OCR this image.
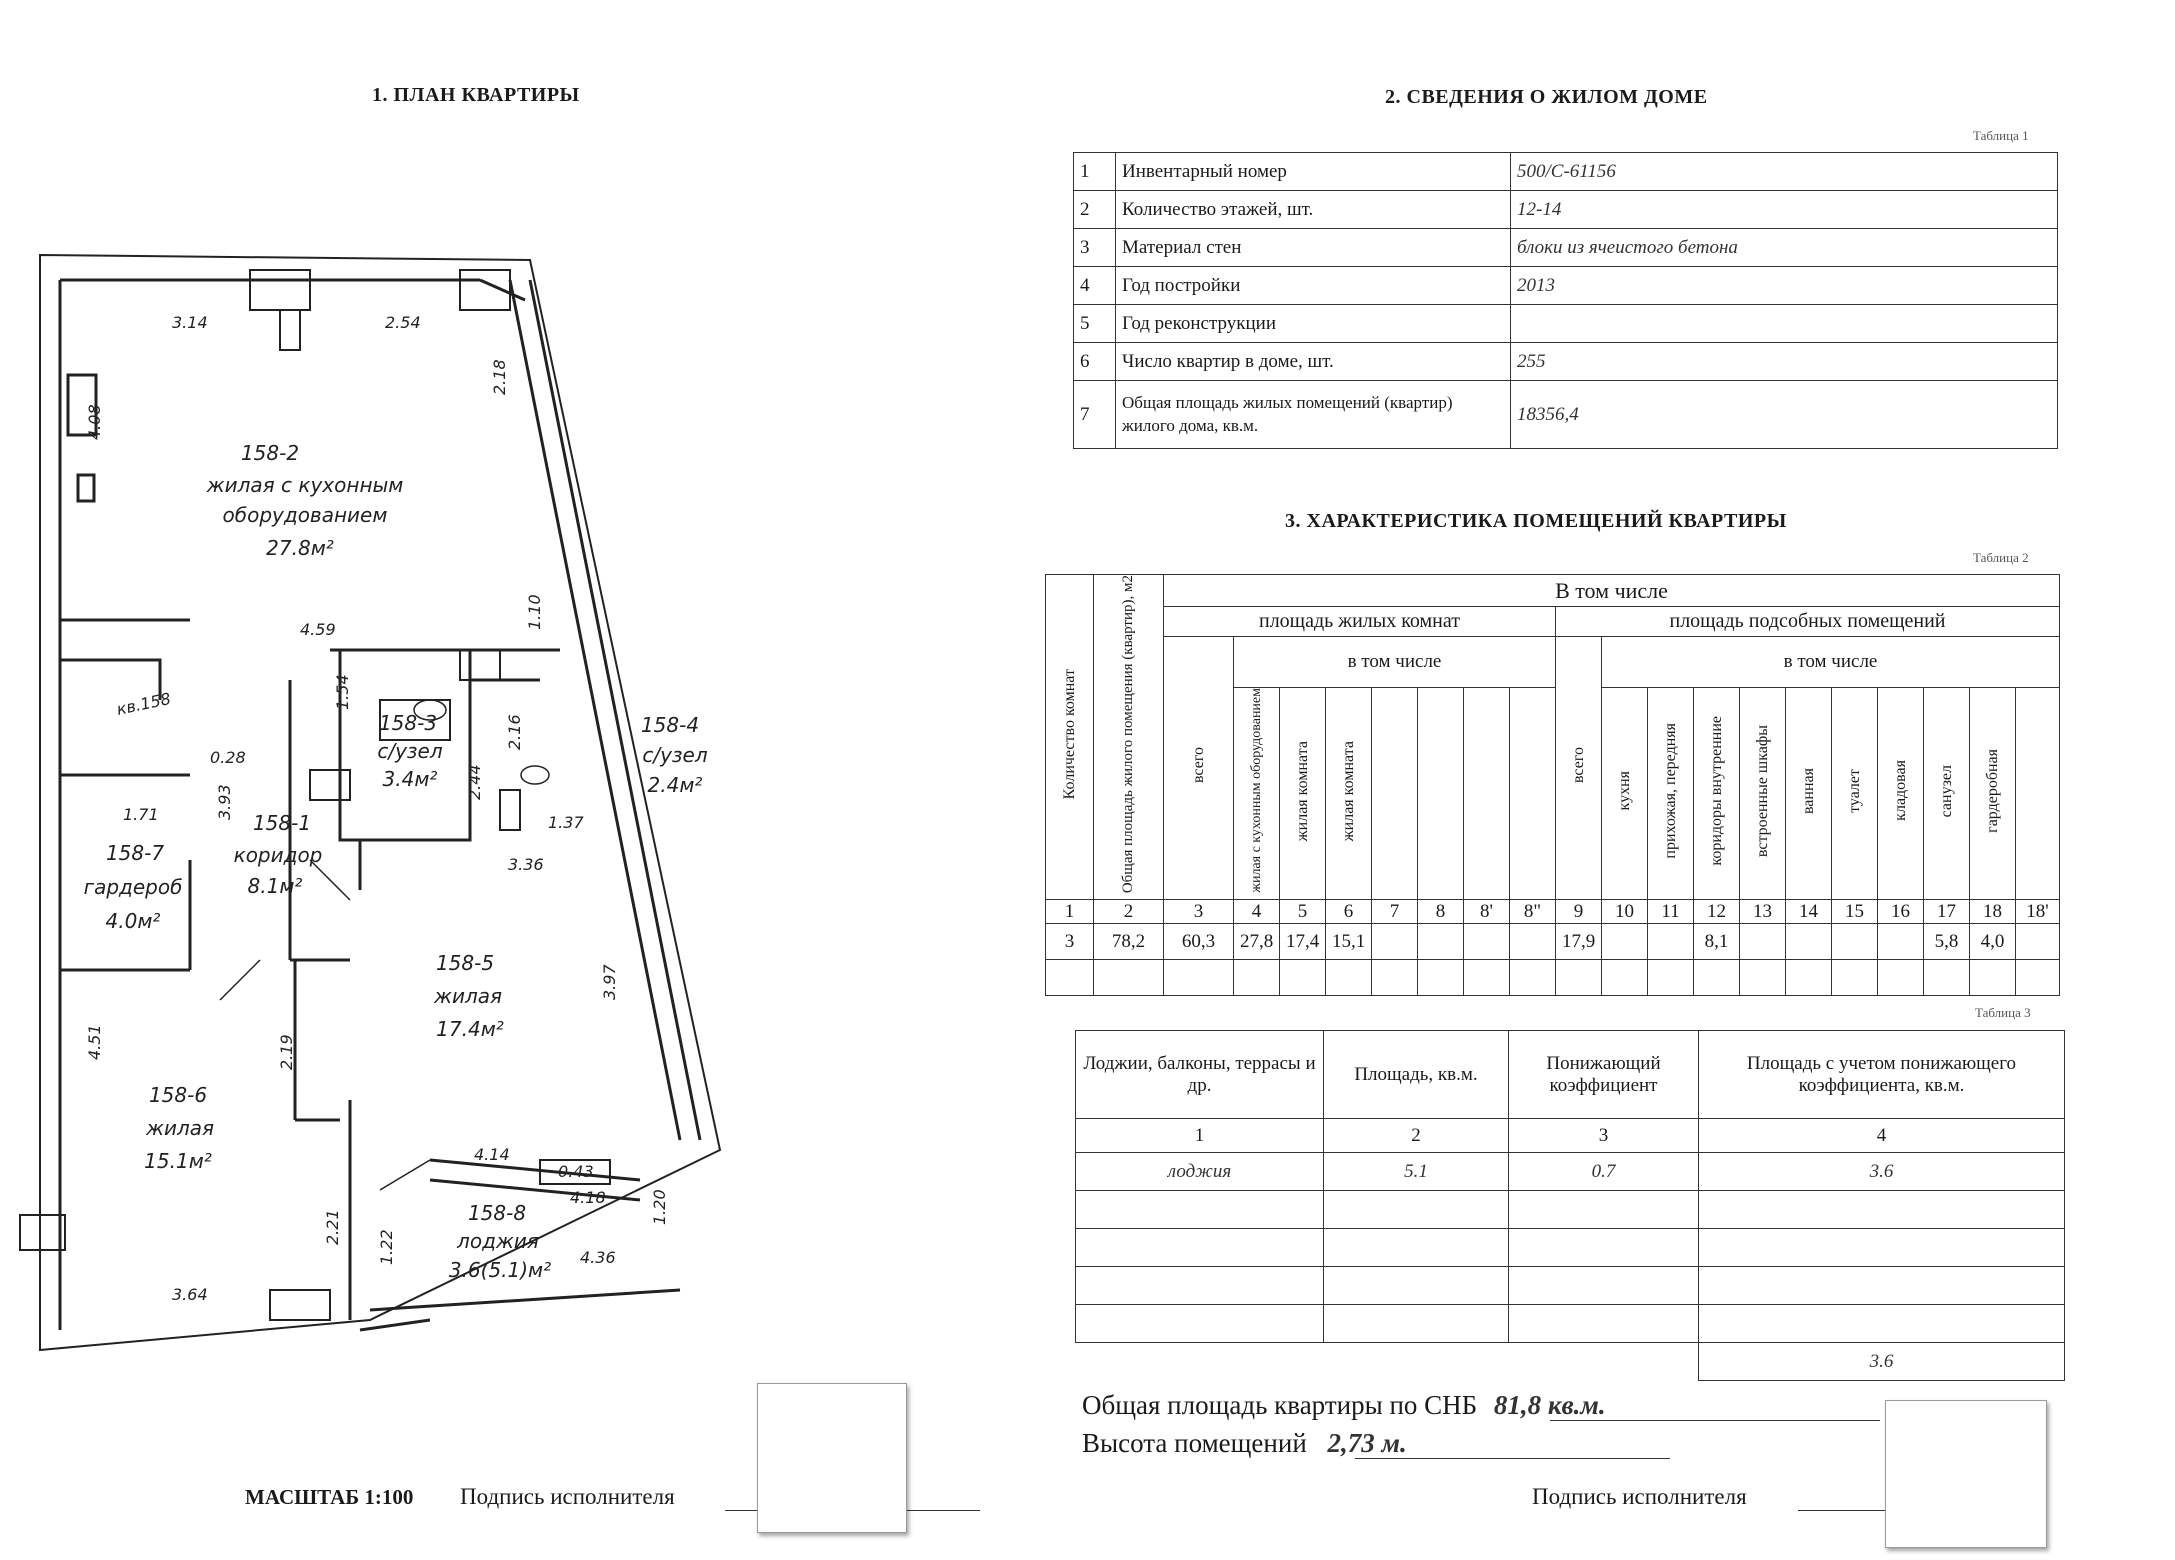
1. ПЛАН КВАРТИРЫ
158-2
жилая с кухонным
оборудованием
27.8м²
158-3
с/узел
3.4м²
158-4
с/узел
2.4м²
158-1
коридор
8.1м²
158-5
жилая
17.4м²
158-7
гардероб
4.0м²
158-6
жилая
15.1м²
158-8
лоджия
3.6(5.1)м²
3.14	2.54
2.18
4.08
4.59	1.10
кв.158	1.54
2.16
2.44
0.28
3.93
1.71	1.37
3.36
3.97
4.51	2.19
4.14
0.43
4.18	1.20
2.21
1.22	4.36
3.64
МАСШТАБ 1:100 Подпись исполнителя
2. СВЕДЕНИЯ О ЖИЛОМ ДОМЕ
Таблица 1
1	Инвентарный номер	500/C-61156
2	Количество этажей, шт.	12-14
3	Материал стен	блоки из ячеистого бетона
4	Год постройки	2013
5	Год реконструкции	
6	Число квартир в доме, шт.	255
7	Общая площадь жилых помещений (квартир) жилого дома, кв.м.	18356,4
3. ХАРАКТЕРИСТИКА ПОМЕЩЕНИЙ КВАРТИРЫ
Таблица 2
Количество комнат	Общая площадь жилого помещения (квартир), м2	В том числе																		
		площадь жилых комнат								площадь подсобных помещений										
		всего	в том числе							всего	в том числе									
			жилая с кухонным оборудованием	жилая комната	жилая комната						кухня	прихожая, передняя	коридоры внутренние	встроенные шкафы	ванная	туалет	кладовая	санузел	гардеробная	
1	2	3	4	5	6	7	8	8'	8"	9	10	11	12	13	14	15	16	17	18	18'
3	78,2	60,3	27,8	17,4	15,1					17,9			8,1					5,8	4,0	

Таблица 3
Лоджии, балконы, террасы и др.	Площадь, кв.м.	Понижающий коэффициент	Площадь с учетом понижающего коэффициента, кв.м.
1	2	3	4
лоджия	5.1	0.7	3.6

			3.6
Общая площадь квартиры по СНБ 81,8 кв.м.
Высота помещений 2,73 м.
Подпись исполнителя
